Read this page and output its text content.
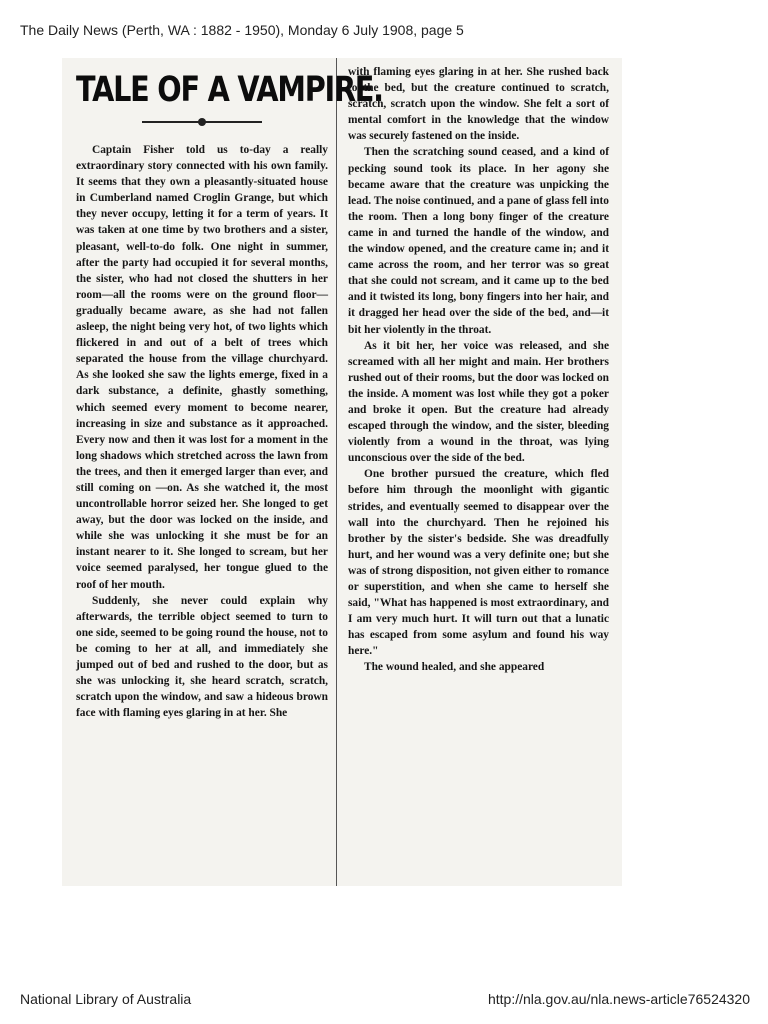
The Daily News (Perth, WA : 1882 - 1950), Monday 6 July 1908, page 5
TALE OF A VAMPIRE.

Captain Fisher told us to-day a really extraordinary story connected with his own family. It seems that they own a pleasantly-situated house in Cumberland named Croglin Grange, but which they never occupy, letting it for a term of years. It was taken at one time by two brothers and a sister, pleasant, well-to-do folk. One night in summer, after the party had occupied it for several months, the sister, who had not closed the shutters in her room—all the rooms were on the ground floor—gradually became aware, as she had not fallen asleep, the night being very hot, of two lights which flickered in and out of a belt of trees which separated the house from the village churchyard. As she looked she saw the lights emerge, fixed in a dark substance, a definite, ghastly something, which seemed every moment to become nearer, increasing in size and substance as it approached. Every now and then it was lost for a moment in the long shadows which stretched across the lawn from the trees, and then it emerged larger than ever, and still coming on —on. As she watched it, the most uncontrollable horror seized her. She longed to get away, but the door was locked on the inside, and while she was unlocking it she must be for an instant nearer to it. She longed to scream, but her voice seemed paralysed, her tongue glued to the roof of her mouth.

Suddenly, she never could explain why afterwards, the terrible object seemed to turn to one side, seemed to be going round the house, not to be coming to her at all, and immediately she jumped out of bed and rushed to the door, but as she was unlocking it, she heard scratch, scratch, scratch upon the window, and saw a hideous brown face with flaming eyes glaring in at her. She

with flaming eyes glaring in at her. She rushed back to the bed, but the creature continued to scratch, scratch, scratch upon the window. She felt a sort of mental comfort in the knowledge that the window was securely fastened on the inside.

Then the scratching sound ceased, and a kind of pecking sound took its place. In her agony she became aware that the creature was unpicking the lead. The noise continued, and a pane of glass fell into the room. Then a long bony finger of the creature came in and turned the handle of the window, and the window opened, and the creature came in; and it came across the room, and her terror was so great that she could not scream, and it came up to the bed and it twisted its long, bony fingers into her hair, and it dragged her head over the side of the bed, and—it bit her violently in the throat.

As it bit her, her voice was released, and she screamed with all her might and main. Her brothers rushed out of their rooms, but the door was locked on the inside. A moment was lost while they got a poker and broke it open. But the creature had already escaped through the window, and the sister, bleeding violently from a wound in the throat, was lying unconscious over the side of the bed.

One brother pursued the creature, which fled before him through the moonlight with gigantic strides, and eventually seemed to disappear over the wall into the churchyard. Then he rejoined his brother by the sister's bedside. She was dreadfully hurt, and her wound was a very definite one; but she was of strong disposition, not given either to romance or superstition, and when she came to herself she said, "What has happened is most extraordinary, and I am very much hurt. It will turn out that a lunatic has escaped from some asylum and found his way here."

The wound healed, and she appeared

National Library of Australia	http://nla.gov.au/nla.news-article76524320
